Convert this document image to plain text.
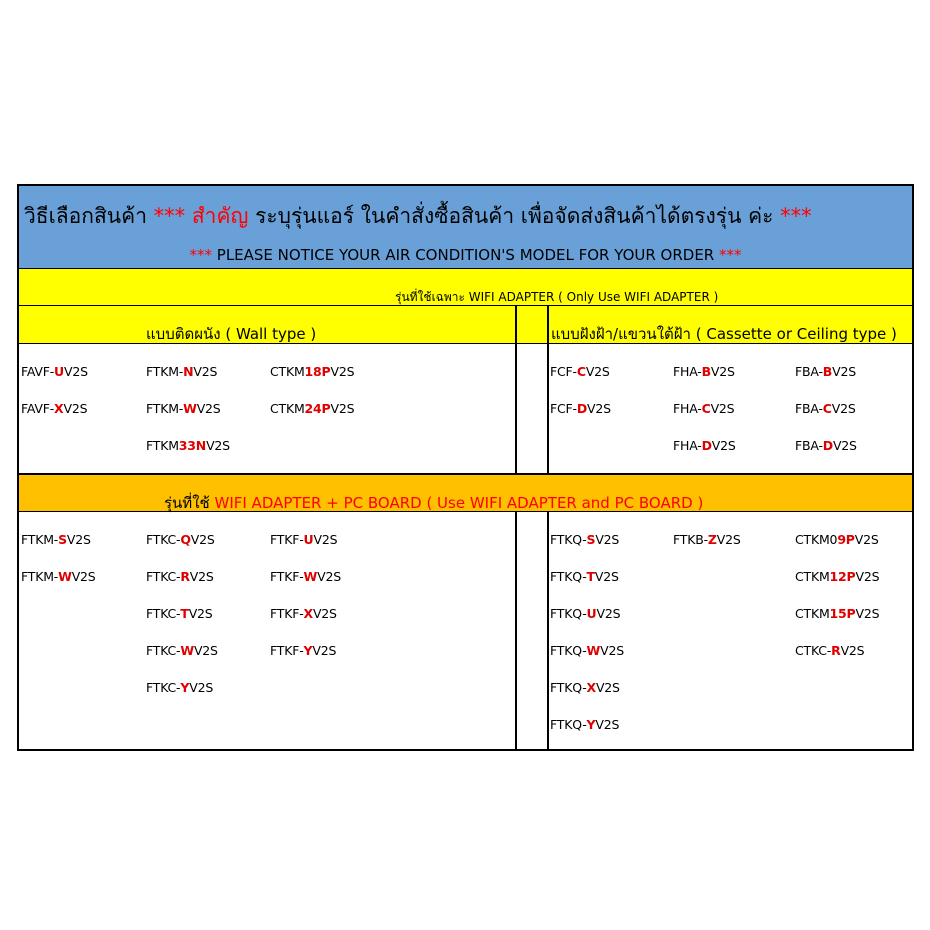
วิธีเลือกสินค้า *** สำคัญ ระบุรุ่นแอร์ ในคำสั่งซื้อสินค้า เพื่อจัดส่งสินค้าได้ตรงรุ่น ค่ะ ***
*** PLEASE NOTICE YOUR AIR CONDITION'S MODEL FOR YOUR ORDER ***
รุ่นที่ใช้เฉพาะ WIFI ADAPTER ( Only Use WIFI ADAPTER )
แบบติดผนัง ( Wall type )	แบบฝังฝ้า/แขวนใต้ฝ้า ( Cassette or Ceiling type )
รุ่นที่ใช้ WIFI ADAPTER + PC BOARD ( Use WIFI ADAPTER and PC BOARD )
FAVF-UV2S
FAVF-XV2S
FTKM-NV2S
FTKM-WV2S
FTKM33NV2S
CTKM18PV2S
CTKM24PV2S
FCF-CV2S
FCF-DV2S
FHA-BV2S
FHA-CV2S
FHA-DV2S
FBA-BV2S
FBA-CV2S
FBA-DV2S
FTKM-SV2S
FTKM-WV2S
FTKC-QV2S
FTKC-RV2S
FTKC-TV2S
FTKC-WV2S
FTKC-YV2S
FTKF-UV2S
FTKF-WV2S
FTKF-XV2S
FTKF-YV2S
FTKQ-SV2S
FTKQ-TV2S
FTKQ-UV2S
FTKQ-WV2S
FTKQ-XV2S
FTKQ-YV2S
FTKB-ZV2S	CTKM09PV2S
CTKM12PV2S
CTKM15PV2S
CTKC-RV2S
